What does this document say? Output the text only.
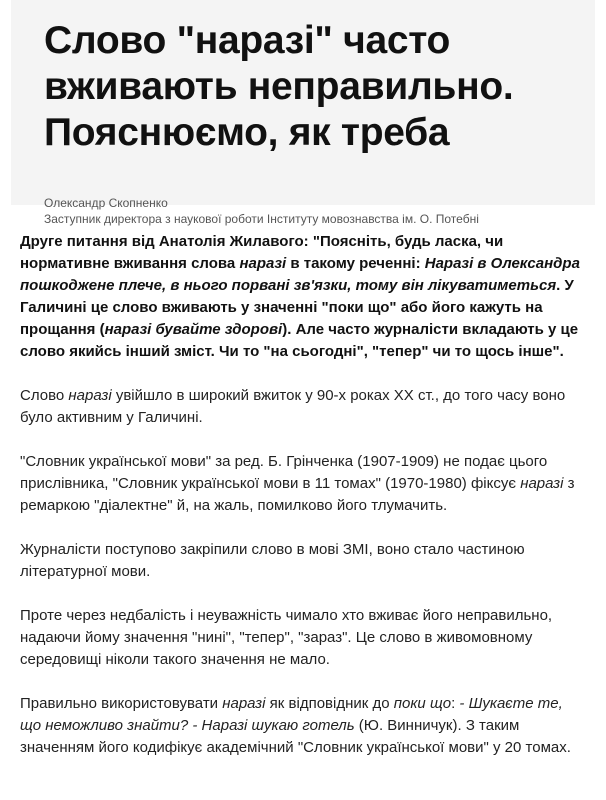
Слово "наразі" часто вживають неправильно. Пояснюємо, як треба
Олександр Скопненко
Заступник директора з наукової роботи Інституту мовознавства ім. О. Потебні

Друге питання від Анатолія Жилавого: "Поясніть, будь ласка, чи нормативне вживання слова наразі в такому реченні: Наразі в Олександра пошкоджене плече, в нього порвані зв'язки, тому він лікуватиметься. У Галичині це слово вживають у значенні "поки що" або його кажуть на прощання (наразі бувайте здорові). Але часто журналісти вкладають у це слово якийсь інший зміст. Чи то "на сьогодні", "тепер" чи то щось інше".

Слово наразі увійшло в широкий вжиток у 90-х роках XX ст., до того часу воно було активним у Галичині.

"Словник української мови" за ред. Б. Грінченка (1907-1909) не подає цього прислівника, "Словник української мови в 11 томах" (1970-1980) фіксує наразі з ремаркою "діалектне" й, на жаль, помилково його тлумачить.

Журналісти поступово закріпили слово в мові ЗМІ, воно стало частиною літературної мови.

Проте через недбалість і неуважність чимало хто вживає його неправильно, надаючи йому значення "нині", "тепер", "зараз". Це слово в живомовному середовищі ніколи такого значення не мало.

Правильно використовувати наразі як відповідник до поки що: - Шукаєте те, що неможливо знайти? - Наразі шукаю готель (Ю. Винничук). З таким значенням його кодифікує академічний "Словник української мови" у 20 томах.
